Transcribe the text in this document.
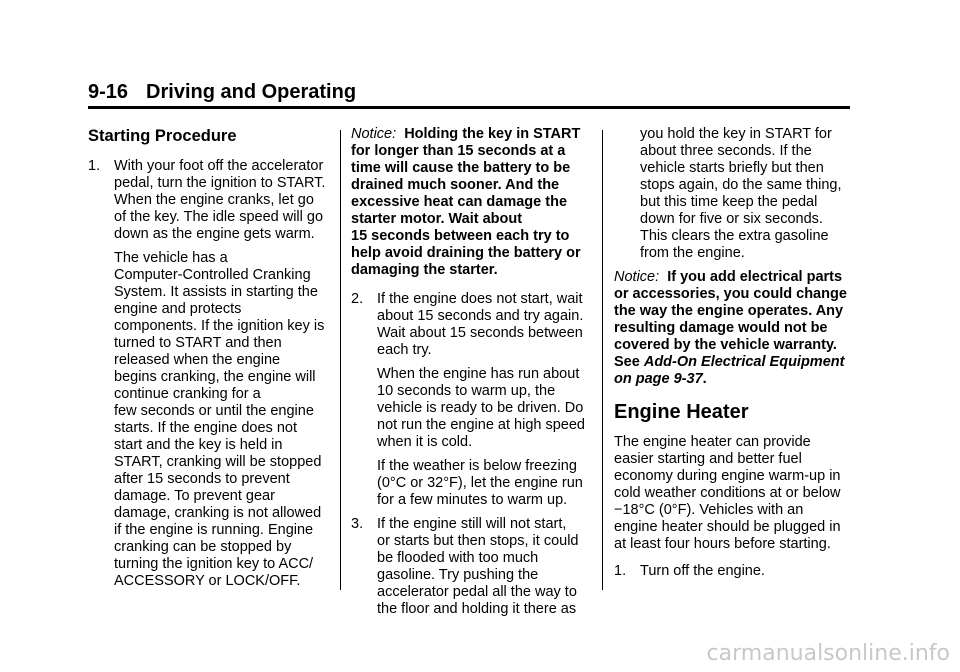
9-16 Driving and Operating
Starting Procedure
1. With your foot off the accelerator
pedal, turn the ignition to START.
When the engine cranks, let go
of the key. The idle speed will go
down as the engine gets warm.

The vehicle has a
Computer-Controlled Cranking
System. It assists in starting the
engine and protects
components. If the ignition key is
turned to START and then
released when the engine
begins cranking, the engine will
continue cranking for a
few seconds or until the engine
starts. If the engine does not
start and the key is held in
START, cranking will be stopped
after 15 seconds to prevent
damage. To prevent gear
damage, cranking is not allowed
if the engine is running. Engine
cranking can be stopped by
turning the ignition key to ACC/
ACCESSORY or LOCK/OFF.

Notice: Holding the key in START
for longer than 15 seconds at a
time will cause the battery to be
drained much sooner. And the
excessive heat can damage the
starter motor. Wait about
15 seconds between each try to
help avoid draining the battery or
damaging the starter.

2. If the engine does not start, wait
about 15 seconds and try again.
Wait about 15 seconds between
each try.

When the engine has run about
10 seconds to warm up, the
vehicle is ready to be driven. Do
not run the engine at high speed
when it is cold.

If the weather is below freezing
(0°C or 32°F), let the engine run
for a few minutes to warm up.

3. If the engine still will not start,
or starts but then stops, it could
be flooded with too much
gasoline. Try pushing the
accelerator pedal all the way to
the floor and holding it there as

you hold the key in START for
about three seconds. If the
vehicle starts briefly but then
stops again, do the same thing,
but this time keep the pedal
down for five or six seconds.
This clears the extra gasoline
from the engine.

Notice: If you add electrical parts
or accessories, you could change
the way the engine operates. Any
resulting damage would not be
covered by the vehicle warranty.
See Add-On Electrical Equipment
on page 9-37.

Engine Heater

The engine heater can provide
easier starting and better fuel
economy during engine warm-up in
cold weather conditions at or below
−18°C (0°F). Vehicles with an
engine heater should be plugged in
at least four hours before starting.

1. Turn off the engine.
carmanualsonline.info
